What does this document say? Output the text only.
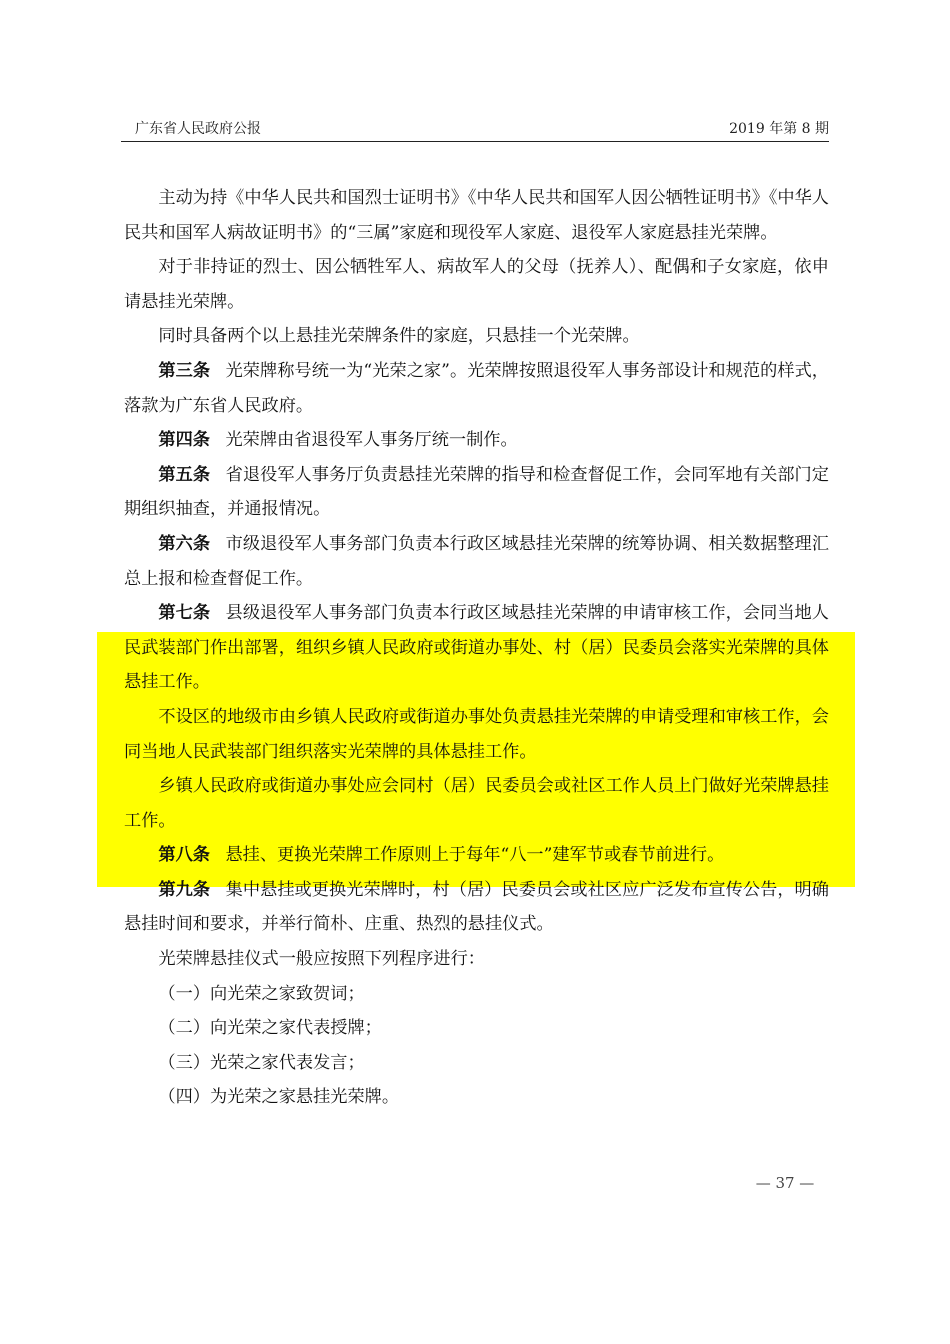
广东省人民政府公报	2019 年第 8 期

主动为持《中华人民共和国烈士证明书》《中华人民共和国军人因公牺牲证明书》《中华人民共和国军人病故证明书》的“三属”家庭和现役军人家庭、退役军人家庭悬挂光荣牌。

对于非持证的烈士、因公牺牲军人、病故军人的父母（抚养人）、配偶和子女家庭，依申请悬挂光荣牌。

同时具备两个以上悬挂光荣牌条件的家庭，只悬挂一个光荣牌。

第三条 光荣牌称号统一为“光荣之家”。光荣牌按照退役军人事务部设计和规范的样式，落款为广东省人民政府。

第四条 光荣牌由省退役军人事务厅统一制作。

第五条 省退役军人事务厅负责悬挂光荣牌的指导和检查督促工作，会同军地有关部门定期组织抽查，并通报情况。

第六条 市级退役军人事务部门负责本行政区域悬挂光荣牌的统筹协调、相关数据整理汇总上报和检查督促工作。

第七条 县级退役军人事务部门负责本行政区域悬挂光荣牌的申请审核工作，会同当地人民武装部门作出部署，组织乡镇人民政府或街道办事处、村（居）民委员会落实光荣牌的具体悬挂工作。

不设区的地级市由乡镇人民政府或街道办事处负责悬挂光荣牌的申请受理和审核工作，会同当地人民武装部门组织落实光荣牌的具体悬挂工作。

乡镇人民政府或街道办事处应会同村（居）民委员会或社区工作人员上门做好光荣牌悬挂工作。

第八条 悬挂、更换光荣牌工作原则上于每年“八一”建军节或春节前进行。

第九条 集中悬挂或更换光荣牌时，村（居）民委员会或社区应广泛发布宣传公告，明确悬挂时间和要求，并举行简朴、庄重、热烈的悬挂仪式。

光荣牌悬挂仪式一般应按照下列程序进行：

（一）向光荣之家致贺词；

（二）向光荣之家代表授牌；

（三）光荣之家代表发言；

（四）为光荣之家悬挂光荣牌。

— 37 —
